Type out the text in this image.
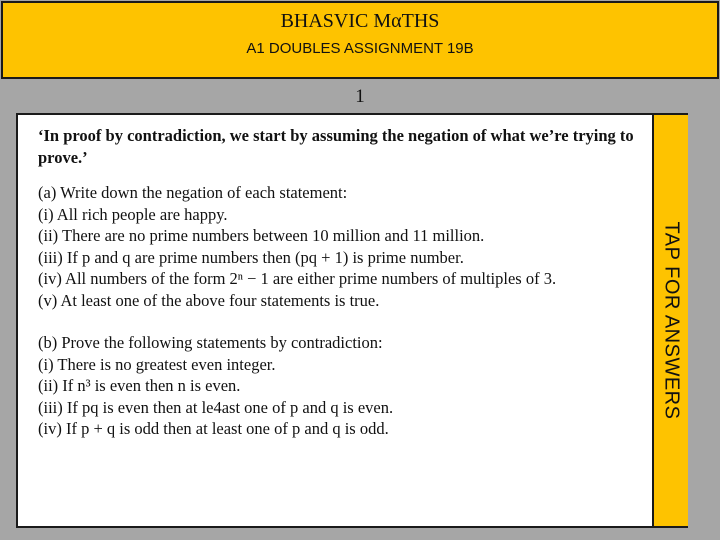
BHASVIC MαTHS
A1 DOUBLES ASSIGNMENT 19B
1
‘In proof by contradiction, we start by assuming the negation of what we’re trying to prove.’
(a) Write down the negation of each statement:
(i) All rich people are happy.
(ii) There are no prime numbers between 10 million and 11 million.
(iii) If p and q are prime numbers then (pq + 1) is prime number.
(iv) All numbers of the form 2ⁿ − 1 are either prime numbers of multiples of 3.
(v) At least one of the above four statements is true.
(b) Prove the following statements by contradiction:
(i) There is no greatest even integer.
(ii) If n³ is even then n is even.
(iii) If pq is even then at le4ast one of p and q is even.
(iv) If p + q is odd then at least one of p and q is odd.
TAP FOR ANSWERS
